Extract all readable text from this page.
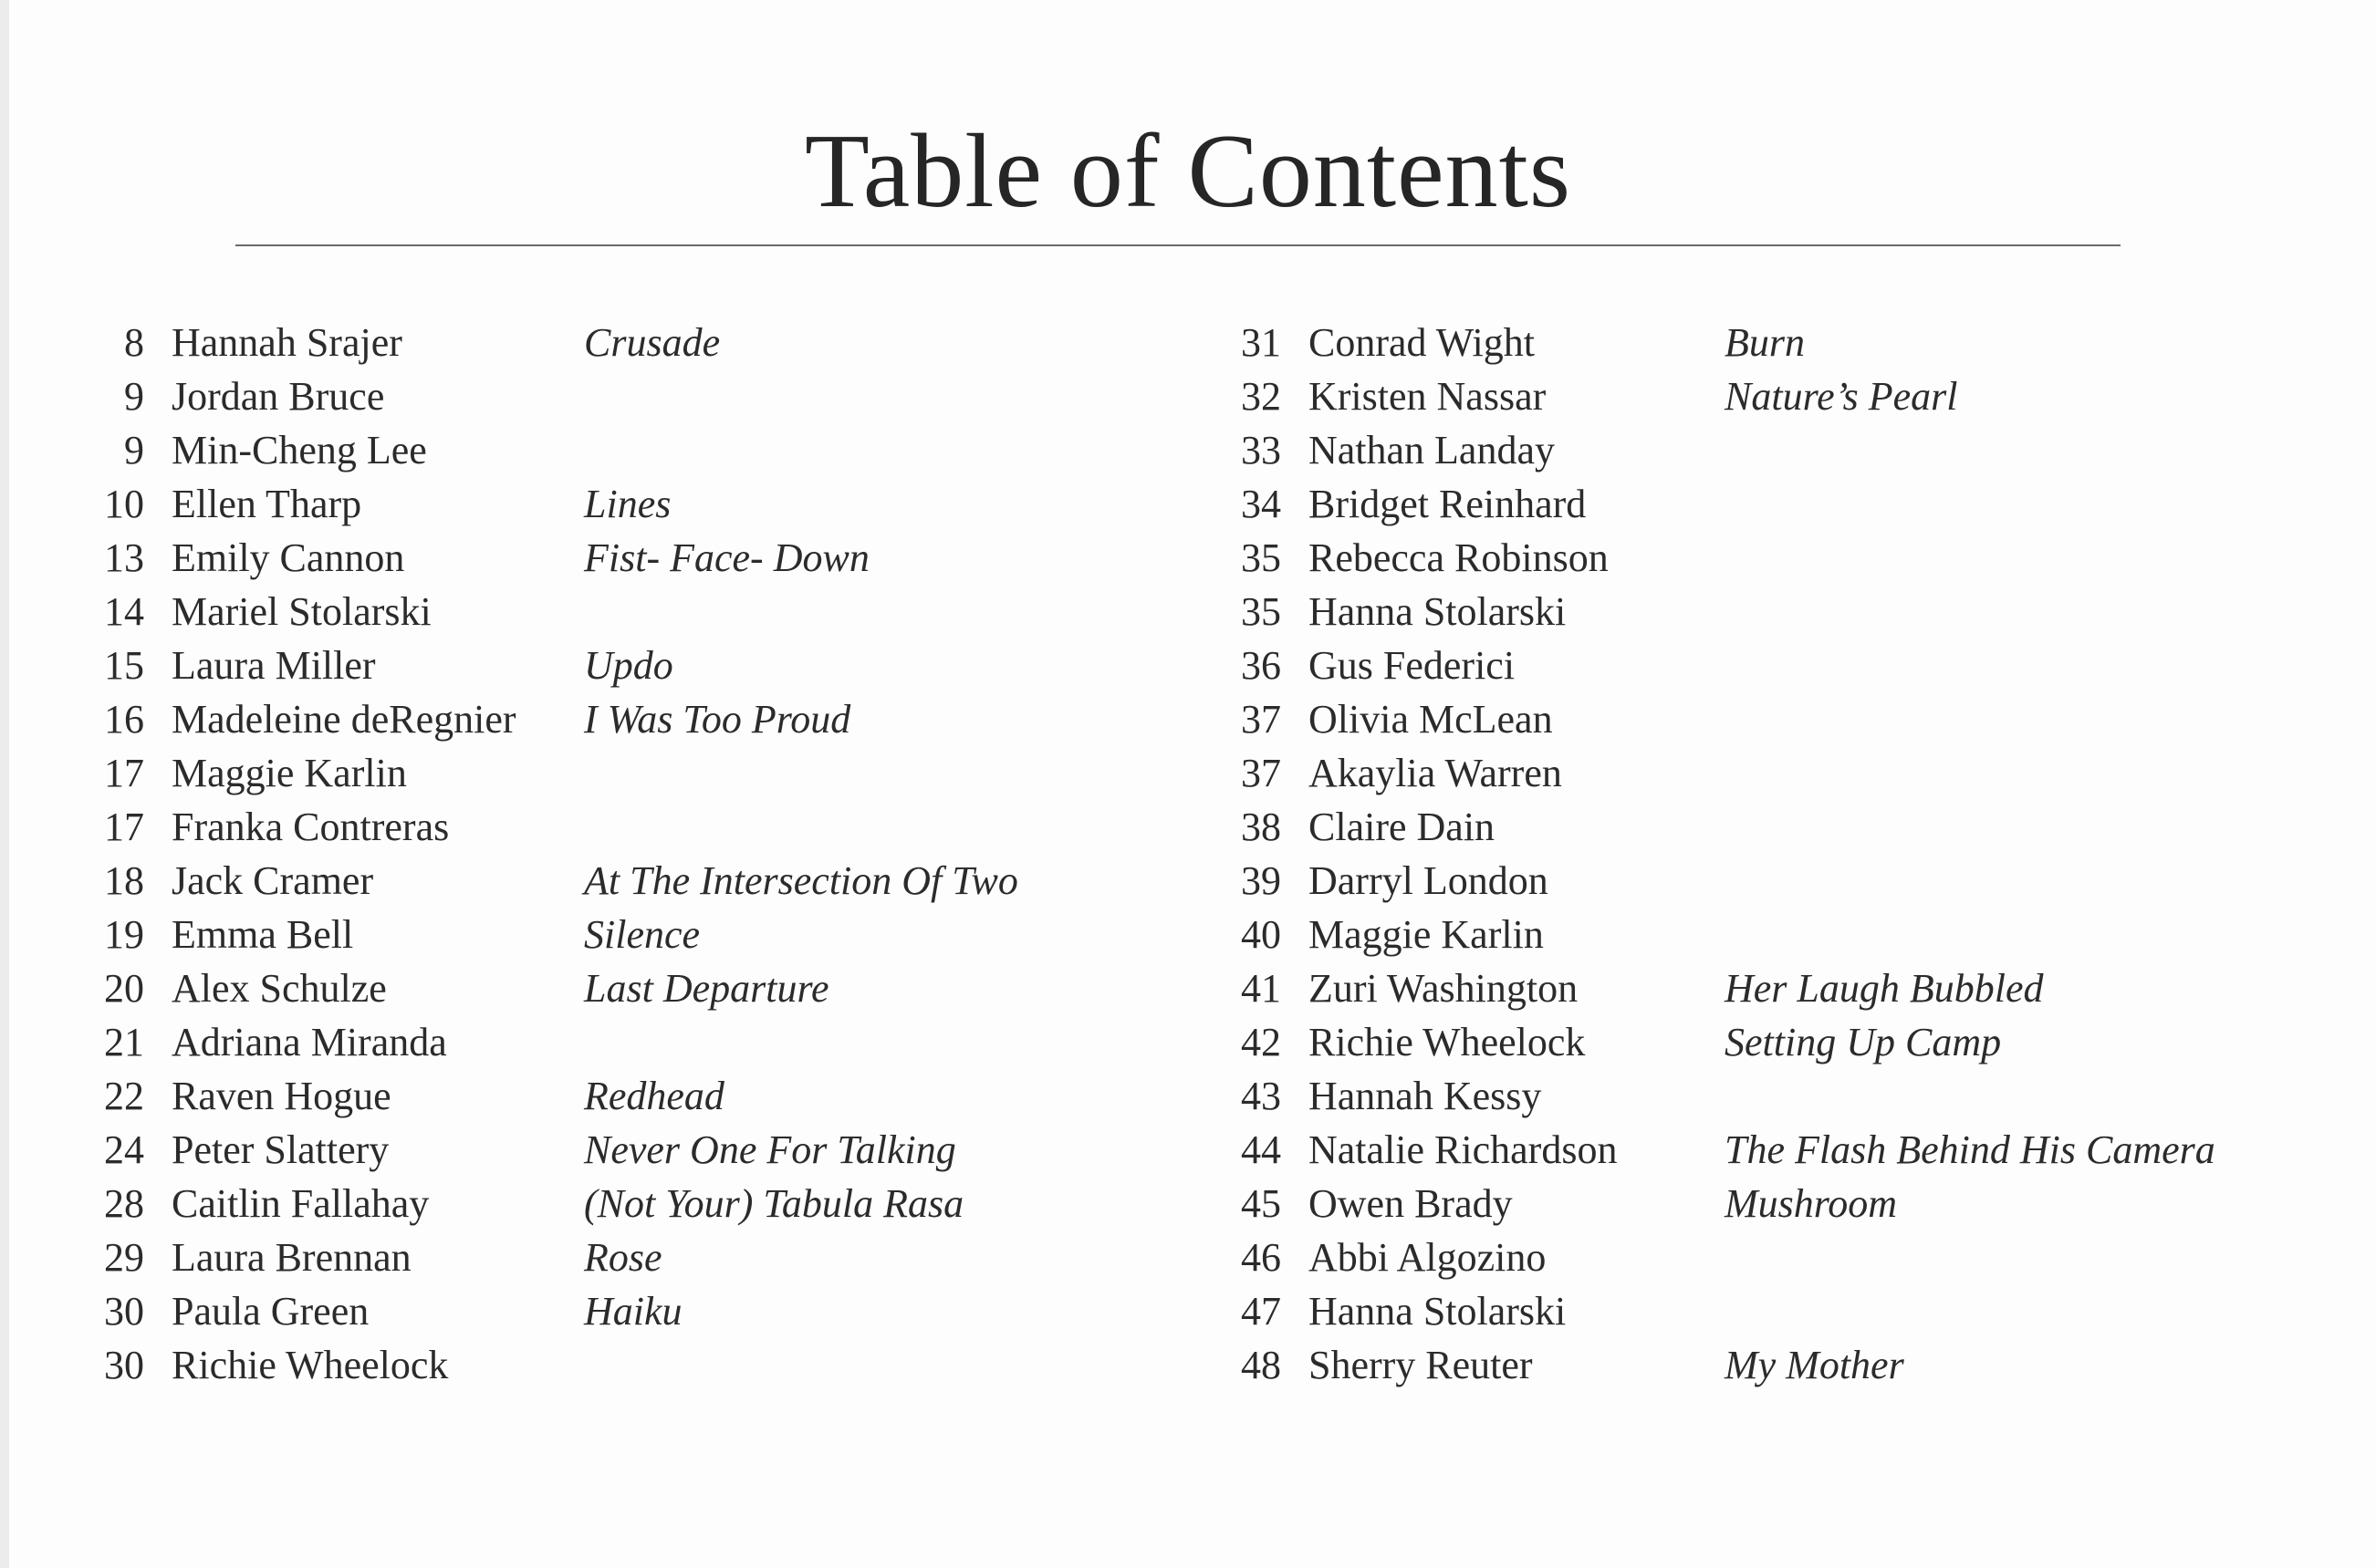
Table of Contents
8 Hannah Srajer	Crusade
9 Jordan Bruce
9 Min-Cheng Lee
10 Ellen Tharp	Lines
13 Emily Cannon	Fist- Face- Down
14 Mariel Stolarski
15 Laura Miller	Updo
16 Madeleine deRegnier	I Was Too Proud
17 Maggie Karlin
17 Franka Contreras
18 Jack Cramer	At The Intersection Of Two
19 Emma Bell	Silence
20 Alex Schulze	Last Departure
21 Adriana Miranda
22 Raven Hogue	Redhead
24 Peter Slattery	Never One For Talking
28 Caitlin Fallahay	(Not Your) Tabula Rasa
29 Laura Brennan	Rose
30 Paula Green	Haiku
30 Richie Wheelock
31 Conrad Wight	Burn
32 Kristen Nassar	Nature’s Pearl
33 Nathan Landay
34 Bridget Reinhard
35 Rebecca Robinson
35 Hanna Stolarski
36 Gus Federici
37 Olivia McLean
37 Akaylia Warren
38 Claire Dain
39 Darryl London
40 Maggie Karlin
41 Zuri Washington	Her Laugh Bubbled
42 Richie Wheelock	Setting Up Camp
43 Hannah Kessy
44 Natalie Richardson	The Flash Behind His Camera
45 Owen Brady	Mushroom
46 Abbi Algozino
47 Hanna Stolarski
48 Sherry Reuter	My Mother
